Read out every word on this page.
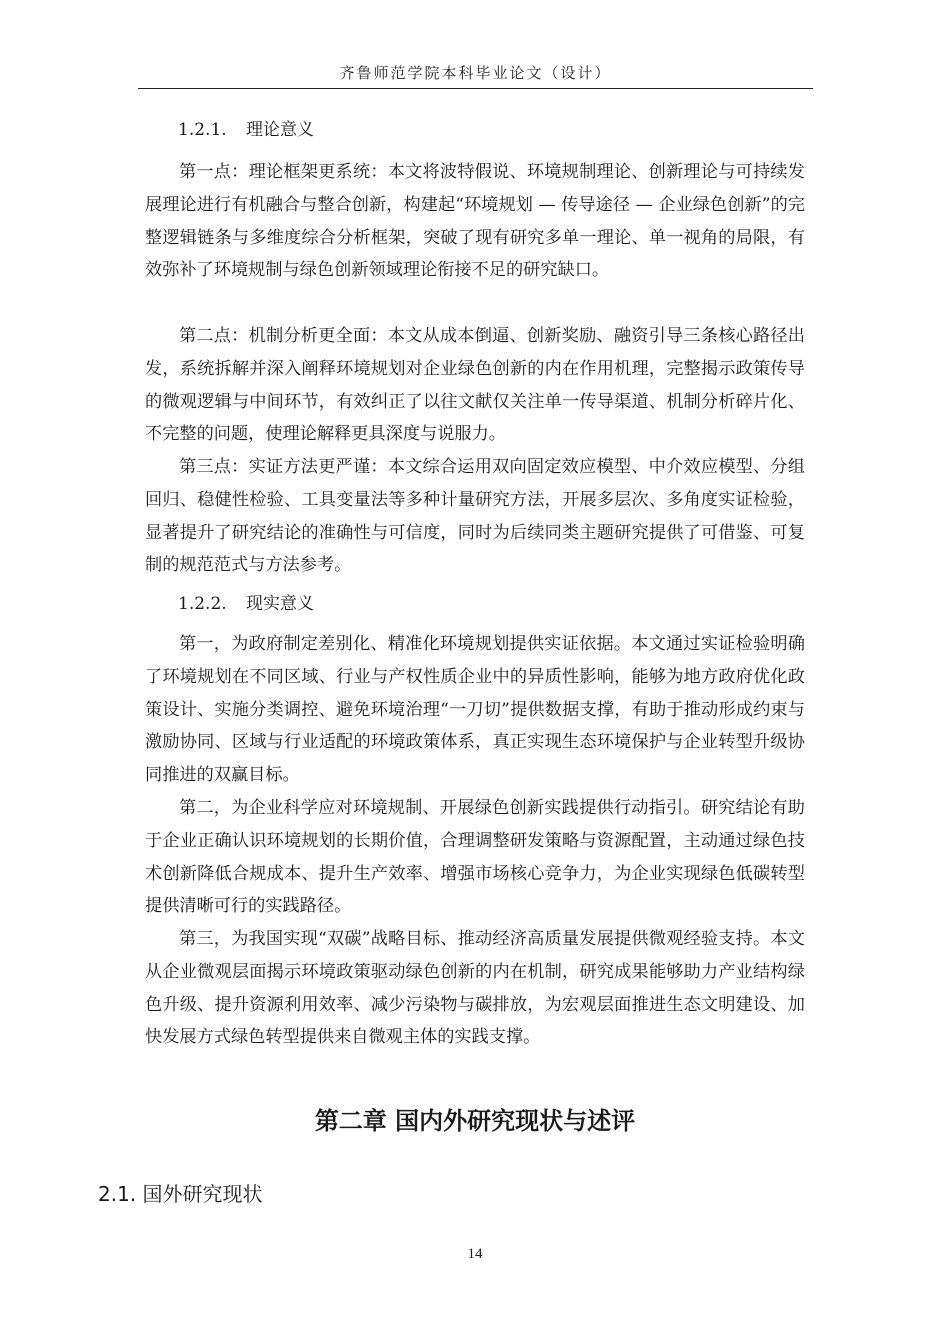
齐鲁师范学院本科毕业论文（设计）
1.2.1. 理论意义
第一点：理论框架更系统：本文将波特假说、环境规制理论、创新理论与可持续发展理论进行有机融合与整合创新，构建起“环境规划 — 传导途径 — 企业绿色创新”的完整逻辑链条与多维度综合分析框架，突破了现有研究多单一理论、单一视角的局限，有效弥补了环境规制与绿色创新领域理论衔接不足的研究缺口。
第二点：机制分析更全面：本文从成本倒逼、创新奖励、融资引导三条核心路径出发，系统拆解并深入阐释环境规划对企业绿色创新的内在作用机理，完整揭示政策传导的微观逻辑与中间环节，有效纠正了以往文献仅关注单一传导渠道、机制分析碎片化、不完整的问题，使理论解释更具深度与说服力。
第三点：实证方法更严谨：本文综合运用双向固定效应模型、中介效应模型、分组回归、稳健性检验、工具变量法等多种计量研究方法，开展多层次、多角度实证检验，显著提升了研究结论的准确性与可信度，同时为后续同类主题研究提供了可借鉴、可复制的规范范式与方法参考。
1.2.2. 现实意义
第一，为政府制定差别化、精准化环境规划提供实证依据。本文通过实证检验明确了环境规划在不同区域、行业与产权性质企业中的异质性影响，能够为地方政府优化政策设计、实施分类调控、避免环境治理“一刀切”提供数据支撑，有助于推动形成约束与激励协同、区域与行业适配的环境政策体系，真正实现生态环境保护与企业转型升级协同推进的双赢目标。
第二，为企业科学应对环境规制、开展绿色创新实践提供行动指引。研究结论有助于企业正确认识环境规划的长期价值，合理调整研发策略与资源配置，主动通过绿色技术创新降低合规成本、提升生产效率、增强市场核心竞争力，为企业实现绿色低碳转型提供清晰可行的实践路径。
第三，为我国实现“双碳”战略目标、推动经济高质量发展提供微观经验支持。本文从企业微观层面揭示环境政策驱动绿色创新的内在机制，研究成果能够助力产业结构绿色升级、提升资源利用效率、减少污染物与碳排放，为宏观层面推进生态文明建设、加快发展方式绿色转型提供来自微观主体的实践支撑。
第二章 国内外研究现状与述评
2.1. 国外研究现状
14
